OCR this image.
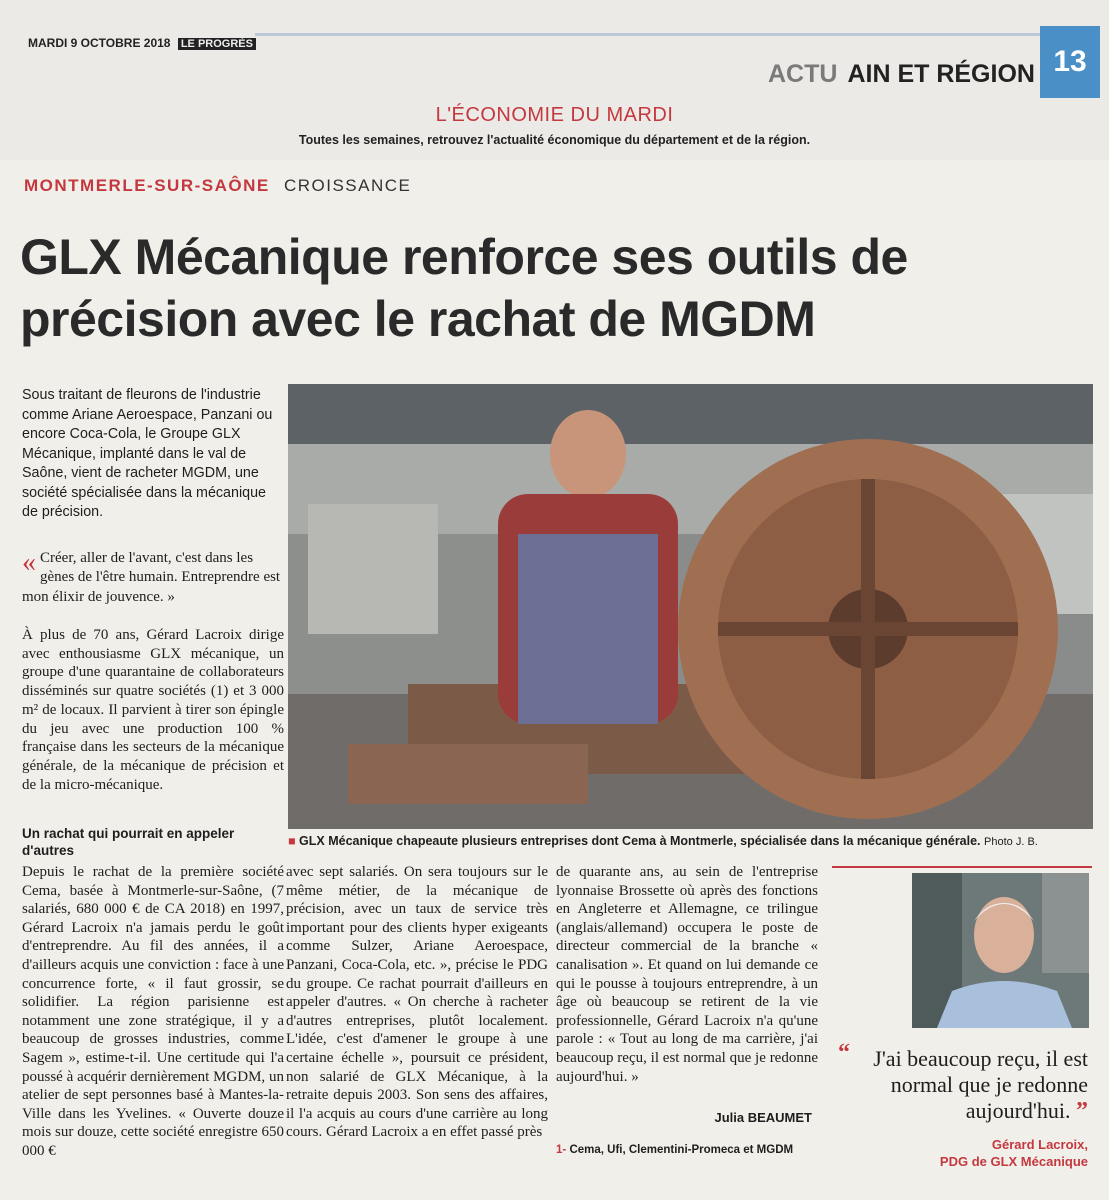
MARDI 9 OCTOBRE 2018 LE PROGRÈS
13
ACTU AIN ET RÉGION
L'ÉCONOMIE DU MARDI
Toutes les semaines, retrouvez l'actualité économique du département et de la région.
MONTMERLE-SUR-SAÔNE CROISSANCE
GLX Mécanique renforce ses outils de précision avec le rachat de MGDM
Sous traitant de fleurons de l'industrie comme Ariane Aeroespace, Panzani ou encore Coca-Cola, le Groupe GLX Mécanique, implanté dans le val de Saône, vient de racheter MGDM, une société spécialisée dans la mécanique de précision.
« Créer, aller de l'avant, c'est dans les gènes de l'être humain. Entreprendre est mon élixir de jouvence. »
À plus de 70 ans, Gérard Lacroix dirige avec enthousiasme GLX mécanique, un groupe d'une quarantaine de collaborateurs disséminés sur quatre sociétés (1) et 3 000 m² de locaux. Il parvient à tirer son épingle du jeu avec une production 100 % française dans les secteurs de la mécanique générale, de la mécanique de précision et de la micro-mécanique.
Un rachat qui pourrait en appeler d'autres
Depuis le rachat de la première société Cema, basée à Montmerle-sur-Saône, (7 salariés, 680 000 € de CA 2018) en 1997, Gérard Lacroix n'a jamais perdu le goût d'entreprendre. Au fil des années, il a d'ailleurs acquis une conviction : face à une concurrence forte, « il faut grossir, se solidifier. La région parisienne est notamment une zone stratégique, il y a beaucoup de grosses industries, comme Sagem », estime-t-il. Une certitude qui l'a poussé à acquérir dernièrement MGDM, un atelier de sept personnes basé à Mantes-la-Ville dans les Yvelines. « Ouverte douze mois sur douze, cette société enregistre 650 000 €
avec sept salariés. On sera toujours sur le même métier, de la mécanique de précision, avec un taux de service très important pour des clients hyper exigeants comme Sulzer, Ariane Aeroespace, Panzani, Coca-Cola, etc. », précise le PDG du groupe. Ce rachat pourrait d'ailleurs en appeler d'autres. « On cherche à racheter d'autres entreprises, plutôt localement. L'idée, c'est d'amener le groupe à une certaine échelle », poursuit ce président, non salarié de GLX Mécanique, à la retraite depuis 2003. Son sens des affaires, il l'a acquis au cours d'une carrière au long cours. Gérard Lacroix a en effet passé près
de quarante ans, au sein de l'entreprise lyonnaise Brossette où après des fonctions en Angleterre et Allemagne, ce trilingue (anglais/allemand) occupera le poste de directeur commercial de la branche « canalisation ». Et quand on lui demande ce qui le pousse à toujours entreprendre, à un âge où beaucoup se retirent de la vie professionnelle, Gérard Lacroix n'a qu'une parole : « Tout au long de ma carrière, j'ai beaucoup reçu, il est normal que je redonne aujourd'hui. »
Julia BEAUMET
1- Cema, Ufi, Clementini-Promeca et MGDM
■ GLX Mécanique chapeaute plusieurs entreprises dont Cema à Montmerle, spécialisée dans la mécanique générale. Photo J. B.
“	J'ai beaucoup reçu, il est normal que je redonne aujourd'hui. ”
Gérard Lacroix,
PDG de GLX Mécanique
